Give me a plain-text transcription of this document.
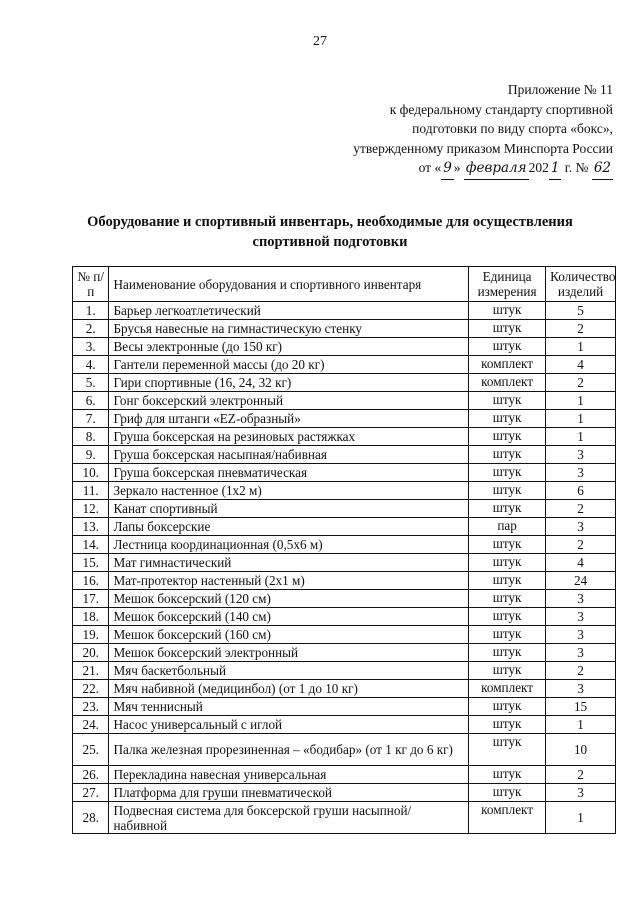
27
Приложение № 11
к федеральному стандарту спортивной
подготовки по виду спорта «бокс»,
утвержденному приказом Минспорта России
от « 9 » февраля 202 1 г. № 62
Оборудование и спортивный инвентарь, необходимые для осуществления
спортивной подготовки
№ п/п	Наименование оборудования и спортивного инвентаря	Единица измерения	Количество изделий
1.	Барьер легкоатлетический	штук	5
2.	Брусья навесные на гимнастическую стенку	штук	2
3.	Весы электронные (до 150 кг)	штук	1
4.	Гантели переменной массы (до 20 кг)	комплект	4
5.	Гири спортивные (16, 24, 32 кг)	комплект	2
6.	Гонг боксерский электронный	штук	1
7.	Гриф для штанги «EZ-образный»	штук	1
8.	Груша боксерская на резиновых растяжках	штук	1
9.	Груша боксерская насыпная/набивная	штук	3
10.	Груша боксерская пневматическая	штук	3
11.	Зеркало настенное (1х2 м)	штук	6
12.	Канат спортивный	штук	2
13.	Лапы боксерские	пар	3
14.	Лестница координационная (0,5х6 м)	штук	2
15.	Мат гимнастический	штук	4
16.	Мат-протектор настенный (2х1 м)	штук	24
17.	Мешок боксерский (120 см)	штук	3
18.	Мешок боксерский (140 см)	штук	3
19.	Мешок боксерский (160 см)	штук	3
20.	Мешок боксерский электронный	штук	3
21.	Мяч баскетбольный	штук	2
22.	Мяч набивной (медицинбол) (от 1 до 10 кг)	комплект	3
23.	Мяч теннисный	штук	15
24.	Насос универсальный с иглой	штук	1
25.	Палка железная прорезиненная – «бодибар» (от 1 кг до 6 кг)	штук	10
26.	Перекладина навесная универсальная	штук	2
27.	Платформа для груши пневматической	штук	3
28.	Подвесная система для боксерской груши насыпной/набивной	комплект	1
